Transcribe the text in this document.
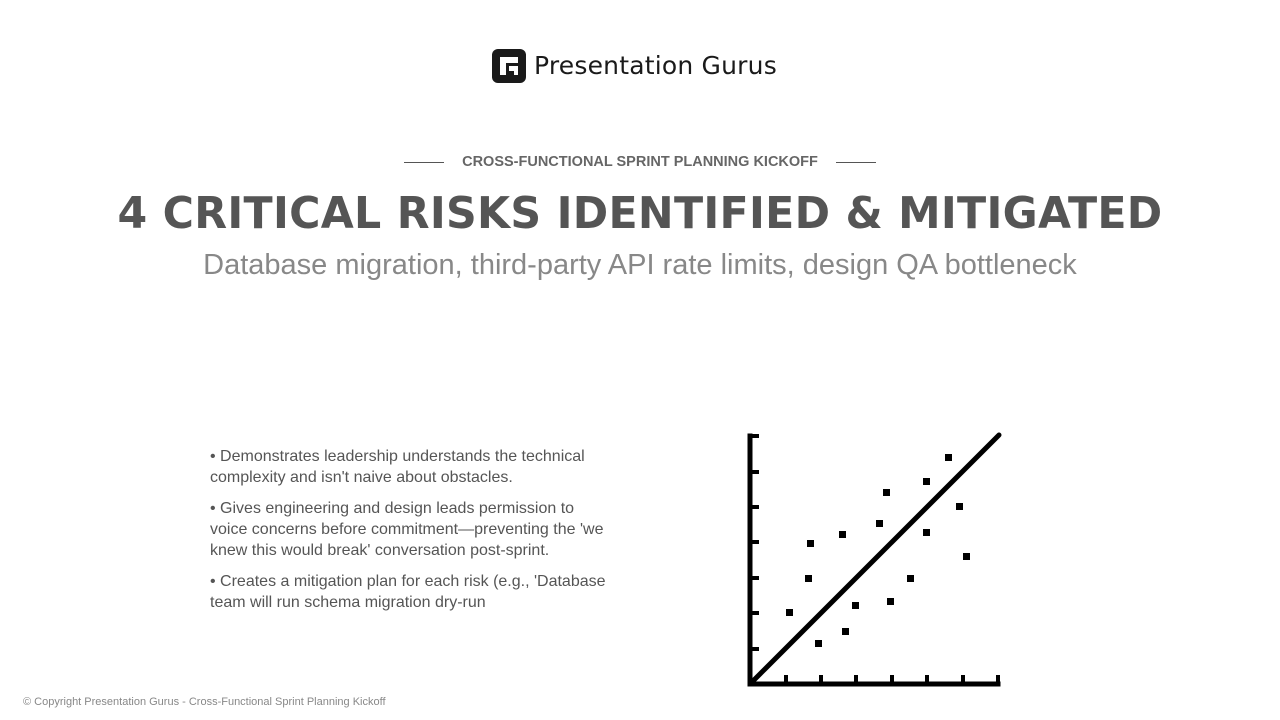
Presentation Gurus
CROSS-FUNCTIONAL SPRINT PLANNING KICKOFF
4 CRITICAL RISKS IDENTIFIED & MITIGATED
Database migration, third-party API rate limits, design QA bottleneck
• Demonstrates leadership understands the technical complexity and isn't naive about obstacles.
• Gives engineering and design leads permission to voice concerns before commitment—preventing the 'we knew this would break' conversation post-sprint.
• Creates a mitigation plan for each risk (e.g., 'Database team will run schema migration dry-run
© Copyright Presentation Gurus - Cross-Functional Sprint Planning Kickoff
